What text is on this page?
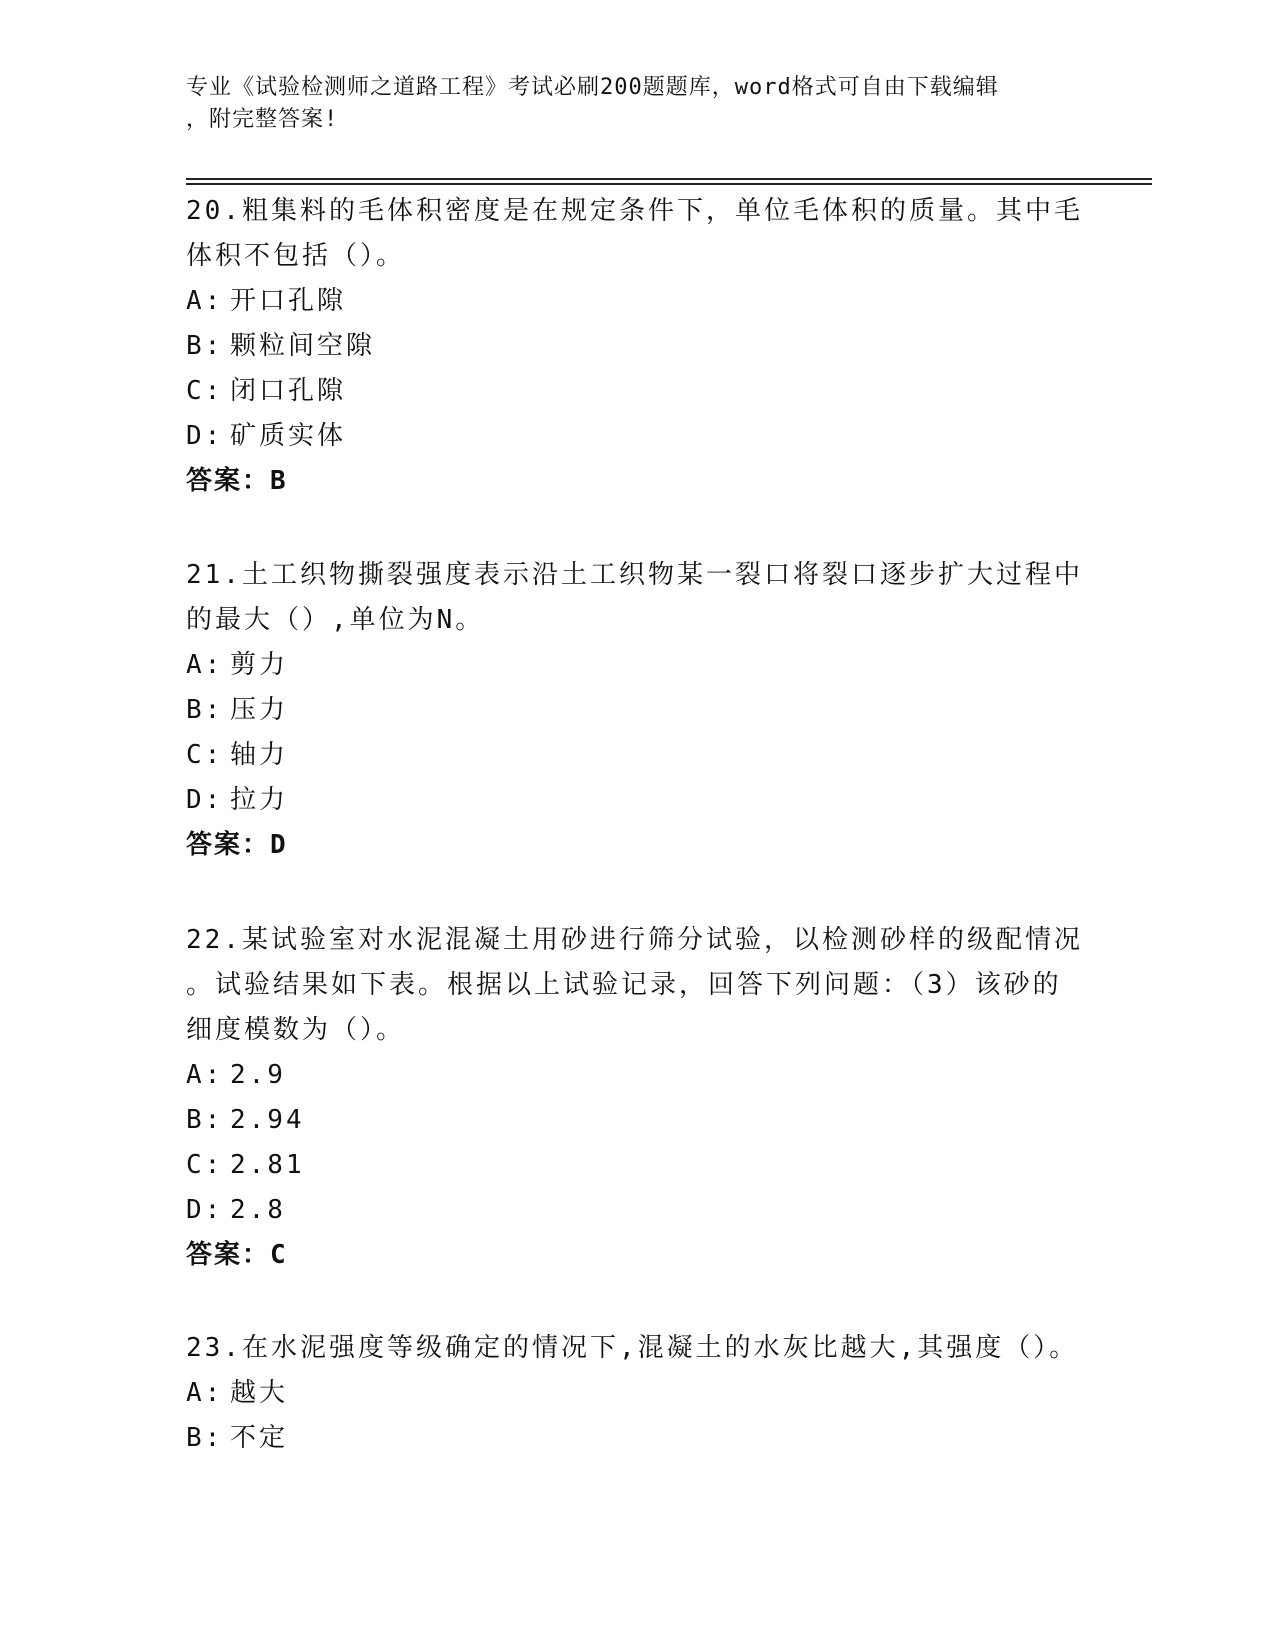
专业《试验检测师之道路工程》考试必刷200题题库，word格式可自由下载编辑
，附完整答案!
20.粗集料的毛体积密度是在规定条件下，单位毛体积的质量。其中毛
体积不包括（）。
A: 开口孔隙
B: 颗粒间空隙
C: 闭口孔隙
D: 矿质实体
答案：B
21.土工织物撕裂强度表示沿土工织物某一裂口将裂口逐步扩大过程中
的最大（）,单位为N。
A: 剪力
B: 压力
C: 轴力
D: 拉力
答案：D
22.某试验室对水泥混凝土用砂进行筛分试验，以检测砂样的级配情况
。试验结果如下表。根据以上试验记录，回答下列问题：（3）该砂的
细度模数为（）。
A: 2.9
B: 2.94
C: 2.81
D: 2.8
答案：C
23.在水泥强度等级确定的情况下,混凝土的水灰比越大,其强度（）。
A: 越大
B: 不定
